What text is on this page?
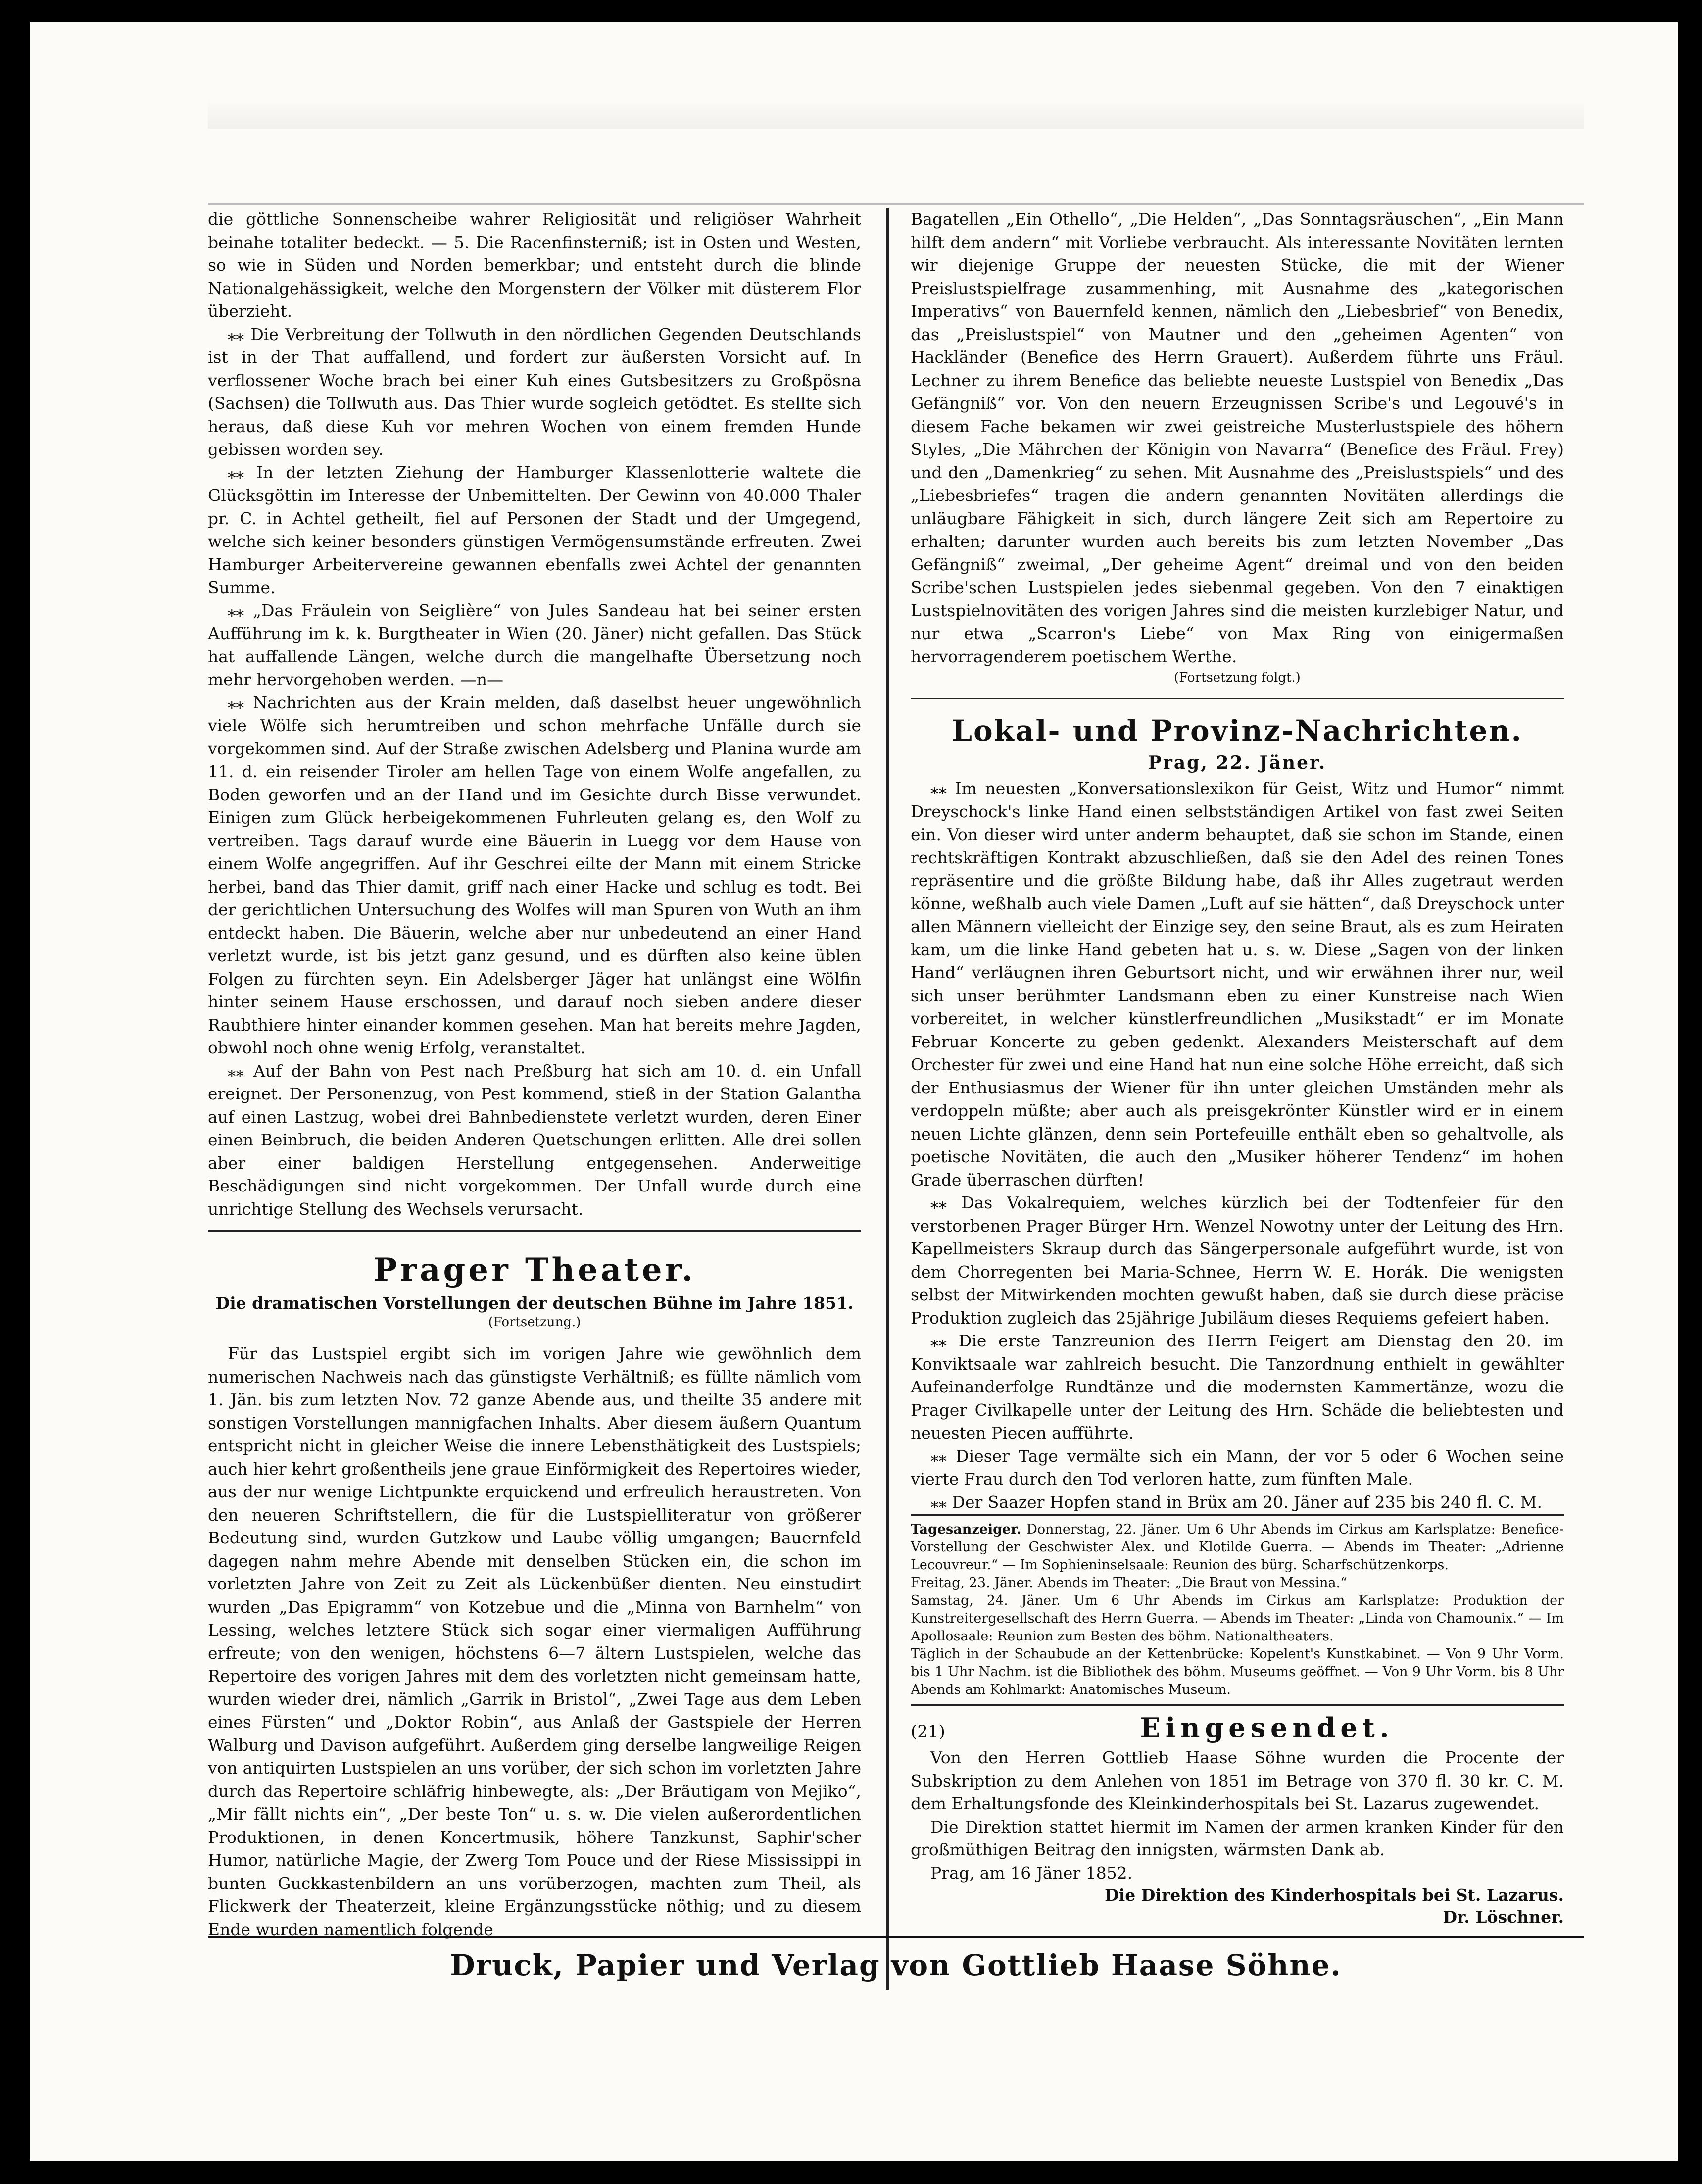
die göttliche Sonnenscheibe wahrer Religiosität und religiöser Wahrheit beinahe totaliter bedeckt. — 5. Die Racenfinsterniß; ist in Osten und Westen, so wie in Süden und Norden bemerkbar; und entsteht durch die blinde Nationalgehässigkeit, welche den Morgenstern der Völker mit düsterem Flor überzieht.

⁎⁎ Die Verbreitung der Tollwuth in den nördlichen Gegenden Deutschlands ist in der That auffallend, und fordert zur äußersten Vorsicht auf. In verflossener Woche brach bei einer Kuh eines Gutsbesitzers zu Großpösna (Sachsen) die Tollwuth aus. Das Thier wurde sogleich getödtet. Es stellte sich heraus, daß diese Kuh vor mehren Wochen von einem fremden Hunde gebissen worden sey.

⁎⁎ In der letzten Ziehung der Hamburger Klassenlotterie waltete die Glücksgöttin im Interesse der Unbemittelten. Der Gewinn von 40.000 Thaler pr. C. in Achtel getheilt, fiel auf Personen der Stadt und der Umgegend, welche sich keiner besonders günstigen Vermögensumstände erfreuten. Zwei Hamburger Arbeitervereine gewannen ebenfalls zwei Achtel der genannten Summe.

⁎⁎ „Das Fräulein von Seiglière“ von Jules Sandeau hat bei seiner ersten Aufführung im k. k. Burgtheater in Wien (20. Jäner) nicht gefallen. Das Stück hat auffallende Längen, welche durch die mangelhafte Übersetzung noch mehr hervorgehoben werden. —n—

⁎⁎ Nachrichten aus der Krain melden, daß daselbst heuer ungewöhnlich viele Wölfe sich herumtreiben und schon mehrfache Unfälle durch sie vorgekommen sind. Auf der Straße zwischen Adelsberg und Planina wurde am 11. d. ein reisender Tiroler am hellen Tage von einem Wolfe angefallen, zu Boden geworfen und an der Hand und im Gesichte durch Bisse verwundet. Einigen zum Glück herbeigekommenen Fuhrleuten gelang es, den Wolf zu vertreiben. Tags darauf wurde eine Bäuerin in Luegg vor dem Hause von einem Wolfe angegriffen. Auf ihr Geschrei eilte der Mann mit einem Stricke herbei, band das Thier damit, griff nach einer Hacke und schlug es todt. Bei der gerichtlichen Untersuchung des Wolfes will man Spuren von Wuth an ihm entdeckt haben. Die Bäuerin, welche aber nur unbedeutend an einer Hand verletzt wurde, ist bis jetzt ganz gesund, und es dürften also keine üblen Folgen zu fürchten seyn. Ein Adelsberger Jäger hat unlängst eine Wölfin hinter seinem Hause erschossen, und darauf noch sieben andere dieser Raubthiere hinter einander kommen gesehen. Man hat bereits mehre Jagden, obwohl noch ohne wenig Erfolg, veranstaltet.

⁎⁎ Auf der Bahn von Pest nach Preßburg hat sich am 10. d. ein Unfall ereignet. Der Personenzug, von Pest kommend, stieß in der Station Galantha auf einen Lastzug, wobei drei Bahnbedienstete verletzt wurden, deren Einer einen Beinbruch, die beiden Anderen Quetschungen erlitten. Alle drei sollen aber einer baldigen Herstellung entgegensehen. Anderweitige Beschädigungen sind nicht vorgekommen. Der Unfall wurde durch eine unrichtige Stellung des Wechsels verursacht.

Prager Theater.
Die dramatischen Vorstellungen der deutschen Bühne im Jahre 1851.
(Fortsetzung.)

Für das Lustspiel ergibt sich im vorigen Jahre wie gewöhnlich dem numerischen Nachweis nach das günstigste Verhältniß; es füllte nämlich vom 1. Jän. bis zum letzten Nov. 72 ganze Abende aus, und theilte 35 andere mit sonstigen Vorstellungen mannigfachen Inhalts. Aber diesem äußern Quantum entspricht nicht in gleicher Weise die innere Lebensthätigkeit des Lustspiels; auch hier kehrt großentheils jene graue Einförmigkeit des Repertoires wieder, aus der nur wenige Lichtpunkte erquickend und erfreulich heraustreten. Von den neueren Schriftstellern, die für die Lustspielliteratur von größerer Bedeutung sind, wurden Gutzkow und Laube völlig umgangen; Bauernfeld dagegen nahm mehre Abende mit denselben Stücken ein, die schon im vorletzten Jahre von Zeit zu Zeit als Lückenbüßer dienten. Neu einstudirt wurden „Das Epigramm“ von Kotzebue und die „Minna von Barnhelm“ von Lessing, welches letztere Stück sich sogar einer viermaligen Aufführung erfreute; von den wenigen, höchstens 6—7 ältern Lustspielen, welche das Repertoire des vorigen Jahres mit dem des vorletzten nicht gemeinsam hatte, wurden wieder drei, nämlich „Garrik in Bristol“, „Zwei Tage aus dem Leben eines Fürsten“ und „Doktor Robin“, aus Anlaß der Gastspiele der Herren Walburg und Davison aufgeführt. Außerdem ging derselbe langweilige Reigen von antiquirten Lustspielen an uns vorüber, der sich schon im vorletzten Jahre durch das Repertoire schläfrig hinbewegte, als: „Der Bräutigam von Mejiko“, „Mir fällt nichts ein“, „Der beste Ton“ u. s. w. Die vielen außerordentlichen Produktionen, in denen Koncertmusik, höhere Tanzkunst, Saphir'scher Humor, natürliche Magie, der Zwerg Tom Pouce und der Riese Mississippi in bunten Guckkastenbildern an uns vorüberzogen, machten zum Theil, als Flickwerk der Theaterzeit, kleine Ergänzungsstücke nöthig; und zu diesem Ende wurden namentlich folgende

Bagatellen „Ein Othello“, „Die Helden“, „Das Sonntagsräuschen“, „Ein Mann hilft dem andern“ mit Vorliebe verbraucht. Als interessante Novitäten lernten wir diejenige Gruppe der neuesten Stücke, die mit der Wiener Preislustspielfrage zusammenhing, mit Ausnahme des „kategorischen Imperativs“ von Bauernfeld kennen, nämlich den „Liebesbrief“ von Benedix, das „Preislustspiel“ von Mautner und den „geheimen Agenten“ von Hackländer (Benefice des Herrn Grauert). Außerdem führte uns Fräul. Lechner zu ihrem Benefice das beliebte neueste Lustspiel von Benedix „Das Gefängniß“ vor. Von den neuern Erzeugnissen Scribe's und Legouvé's in diesem Fache bekamen wir zwei geistreiche Musterlustspiele des höhern Styles, „Die Mährchen der Königin von Navarra“ (Benefice des Fräul. Frey) und den „Damenkrieg“ zu sehen. Mit Ausnahme des „Preislustspiels“ und des „Liebesbriefes“ tragen die andern genannten Novitäten allerdings die unläugbare Fähigkeit in sich, durch längere Zeit sich am Repertoire zu erhalten; darunter wurden auch bereits bis zum letzten November „Das Gefängniß“ zweimal, „Der geheime Agent“ dreimal und von den beiden Scribe'schen Lustspielen jedes siebenmal gegeben. Von den 7 einaktigen Lustspielnovitäten des vorigen Jahres sind die meisten kurzlebiger Natur, und nur etwa „Scarron's Liebe“ von Max Ring von einigermaßen hervorragenderem poetischem Werthe.

(Fortsetzung folgt.)
Lokal- und Provinz-Nachrichten.
Prag, 22. Jäner.

⁎⁎ Im neuesten „Konversationslexikon für Geist, Witz und Humor“ nimmt Dreyschock's linke Hand einen selbstständigen Artikel von fast zwei Seiten ein. Von dieser wird unter anderm behauptet, daß sie schon im Stande, einen rechtskräftigen Kontrakt abzuschließen, daß sie den Adel des reinen Tones repräsentire und die größte Bildung habe, daß ihr Alles zugetraut werden könne, weßhalb auch viele Damen „Luft auf sie hätten“, daß Dreyschock unter allen Männern vielleicht der Einzige sey, den seine Braut, als es zum Heiraten kam, um die linke Hand gebeten hat u. s. w. Diese „Sagen von der linken Hand“ verläugnen ihren Geburtsort nicht, und wir erwähnen ihrer nur, weil sich unser berühmter Landsmann eben zu einer Kunstreise nach Wien vorbereitet, in welcher künstlerfreundlichen „Musikstadt“ er im Monate Februar Koncerte zu geben gedenkt. Alexanders Meisterschaft auf dem Orchester für zwei und eine Hand hat nun eine solche Höhe erreicht, daß sich der Enthusiasmus der Wiener für ihn unter gleichen Umständen mehr als verdoppeln müßte; aber auch als preisgekrönter Künstler wird er in einem neuen Lichte glänzen, denn sein Portefeuille enthält eben so gehaltvolle, als poetische Novitäten, die auch den „Musiker höherer Tendenz“ im hohen Grade überraschen dürften!

⁎⁎ Das Vokalrequiem, welches kürzlich bei der Todtenfeier für den verstorbenen Prager Bürger Hrn. Wenzel Nowotny unter der Leitung des Hrn. Kapellmeisters Skraup durch das Sängerpersonale aufgeführt wurde, ist von dem Chorregenten bei Maria-Schnee, Herrn W. E. Horák. Die wenigsten selbst der Mitwirkenden mochten gewußt haben, daß sie durch diese präcise Produktion zugleich das 25jährige Jubiläum dieses Requiems gefeiert haben.

⁎⁎ Die erste Tanzreunion des Herrn Feigert am Dienstag den 20. im Konviktsaale war zahlreich besucht. Die Tanzordnung enthielt in gewählter Aufeinanderfolge Rundtänze und die modernsten Kammertänze, wozu die Prager Civilkapelle unter der Leitung des Hrn. Schäde die beliebtesten und neuesten Piecen aufführte.

⁎⁎ Dieser Tage vermälte sich ein Mann, der vor 5 oder 6 Wochen seine vierte Frau durch den Tod verloren hatte, zum fünften Male.

⁎⁎ Der Saazer Hopfen stand in Brüx am 20. Jäner auf 235 bis 240 fl. C. M.

Tagesanzeiger. Donnerstag, 22. Jäner. Um 6 Uhr Abends im Cirkus am Karlsplatze: Benefice-Vorstellung der Geschwister Alex. und Klotilde Guerra. — Abends im Theater: „Adrienne Lecouvreur.“ — Im Sophieninselsaale: Reunion des bürg. Scharfschützenkorps.

Freitag, 23. Jäner. Abends im Theater: „Die Braut von Messina.“

Samstag, 24. Jäner. Um 6 Uhr Abends im Cirkus am Karlsplatze: Produktion der Kunstreitergesellschaft des Herrn Guerra. — Abends im Theater: „Linda von Chamounix.“ — Im Apollosaale: Reunion zum Besten des böhm. Nationaltheaters.

Täglich in der Schaubude an der Kettenbrücke: Kopelent's Kunstkabinet. — Von 9 Uhr Vorm. bis 1 Uhr Nachm. ist die Bibliothek des böhm. Museums geöffnet. — Von 9 Uhr Vorm. bis 8 Uhr Abends am Kohlmarkt: Anatomisches Museum.

(21)	Eingesendet.

Von den Herren Gottlieb Haase Söhne wurden die Procente der Subskription zu dem Anlehen von 1851 im Betrage von 370 fl. 30 kr. C. M. dem Erhaltungsfonde des Kleinkinderhospitals bei St. Lazarus zugewendet.

Die Direktion stattet hiermit im Namen der armen kranken Kinder für den großmüthigen Beitrag den innigsten, wärmsten Dank ab.

Prag, am 16 Jäner 1852.

Die Direktion des Kinderhospitals bei St. Lazarus.
Dr. Löschner.
Druck, Papier und Verlag von Gottlieb Haase Söhne.
